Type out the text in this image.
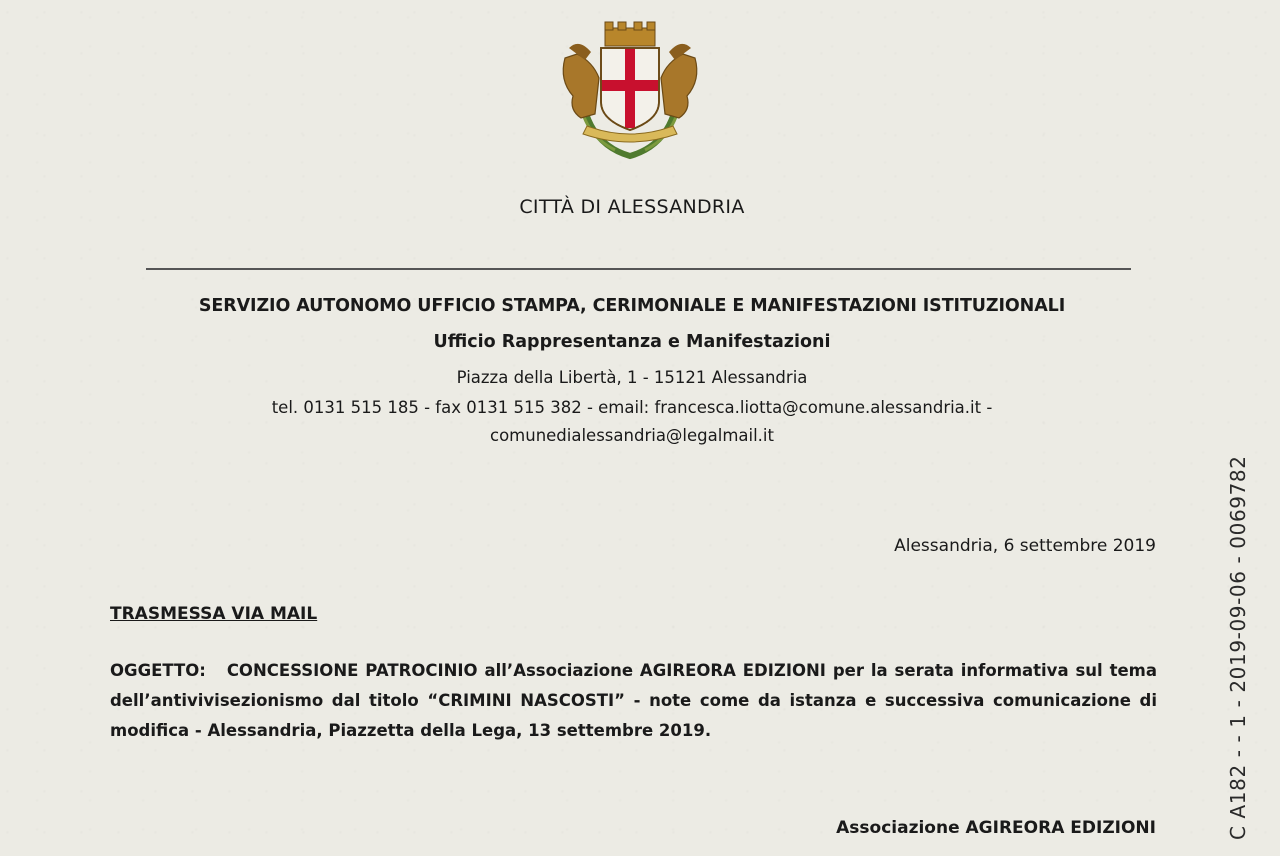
CITTÀ DI ALESSANDRIA
SERVIZIO AUTONOMO UFFICIO STAMPA, CERIMONIALE E MANIFESTAZIONI ISTITUZIONALI
Ufficio Rappresentanza e Manifestazioni
Piazza della Libertà, 1 - 15121 Alessandria
tel. 0131 515 185 - fax 0131 515 382 - email: francesca.liotta@comune.alessandria.it -
comunedialessandria@legalmail.it
Alessandria, 6 settembre 2019
TRASMESSA VIA MAIL
OGGETTO: CONCESSIONE PATROCINIO all’Associazione AGIREORA EDIZIONI per la serata informativa sul tema dell’antivivisezionismo dal titolo “CRIMINI NASCOSTI” - note come da istanza e successiva comunicazione di modifica - Alessandria, Piazzetta della Lega, 13 settembre 2019.
Associazione AGIREORA EDIZIONI	C A182 - - 1 - 2019-09-06 - 0069782
